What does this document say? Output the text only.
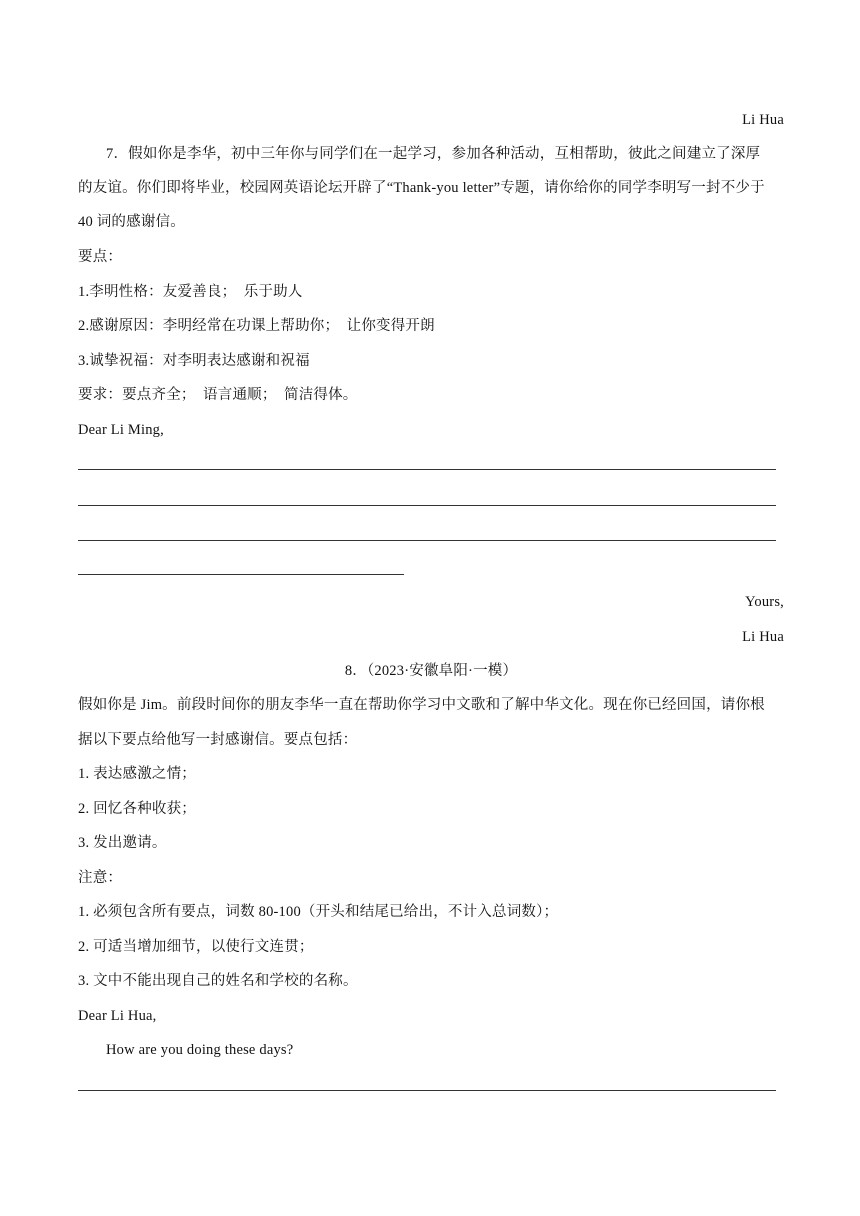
Li Hua
7．假如你是李华，初中三年你与同学们在一起学习，参加各种活动，互相帮助，彼此之间建立了深厚
的友谊。你们即将毕业，校园网英语论坛开辟了“Thank-you letter”专题，请你给你的同学李明写一封不少于
40 词的感谢信。
要点：
1.李明性格：友爱善良；　乐于助人
2.感谢原因：李明经常在功课上帮助你；　让你变得开朗
3.诚挚祝福：对李明表达感谢和祝福
要求：要点齐全；　语言通顺；　简洁得体。
Dear Li Ming,
Yours,
Li Hua
8．（2023·安徽阜阳·一模）
假如你是 Jim。前段时间你的朋友李华一直在帮助你学习中文歌和了解中华文化。现在你已经回国，请你根
据以下要点给他写一封感谢信。要点包括：
1. 表达感激之情；
2. 回忆各种收获；
3. 发出邀请。
注意：
1. 必须包含所有要点，词数 80-100（开头和结尾已给出，不计入总词数）；
2. 可适当增加细节，以使行文连贯；
3. 文中不能出现自己的姓名和学校的名称。
Dear Li Hua,
How are you doing these days?
